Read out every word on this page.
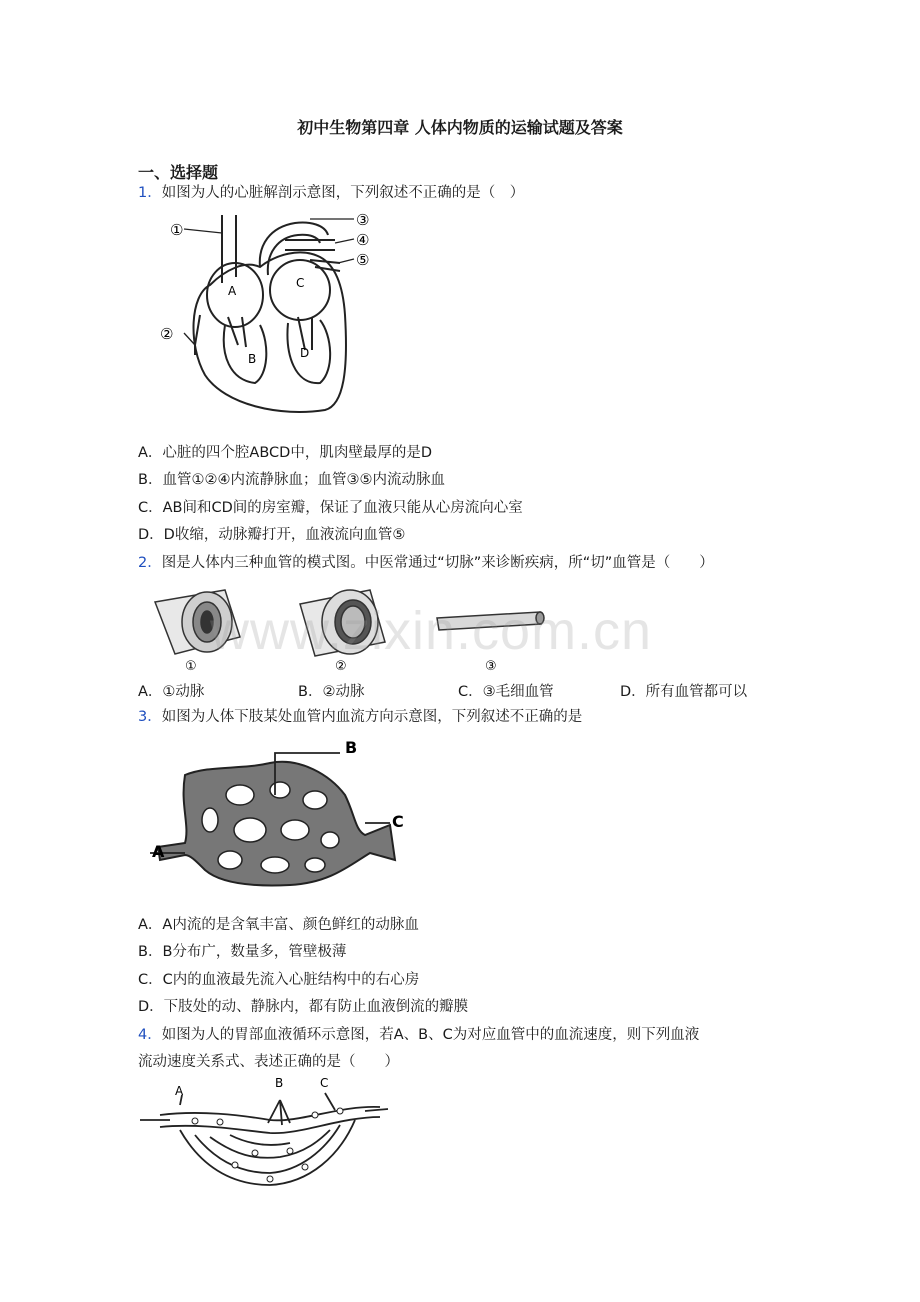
初中生物第四章 人体内物质的运输试题及答案
一、选择题
1．如图为人的心脏解剖示意图，下列叙述不正确的是（　）
①
②
③
④
⑤
A
B
C
D
A．心脏的四个腔ABCD中，肌肉壁最厚的是D
B．血管①②④内流静脉血；血管③⑤内流动脉血
C．AB间和CD间的房室瓣，保证了血液只能从心房流向心室
D．D收缩，动脉瓣打开，血液流向血管⑤
2．图是人体内三种血管的模式图。中医常通过“切脉”来诊断疾病，所“切”血管是（　　）
①	②	③
www.zixin.com.cn
A．①动脉	B．②动脉	C．③毛细血管	D．所有血管都可以
3．如图为人体下肢某处血管内血流方向示意图，下列叙述不正确的是
B
C
A
A．A内流的是含氧丰富、颜色鲜红的动脉血
B．B分布广，数量多，管壁极薄
C．C内的血液最先流入心脏结构中的右心房
D．下肢处的动、静脉内，都有防止血液倒流的瓣膜
4．如图为人的胃部血液循环示意图，若A、B、C为对应血管中的血流速度，则下列血液
流动速度关系式、表述正确的是（　　）
A
B	C
